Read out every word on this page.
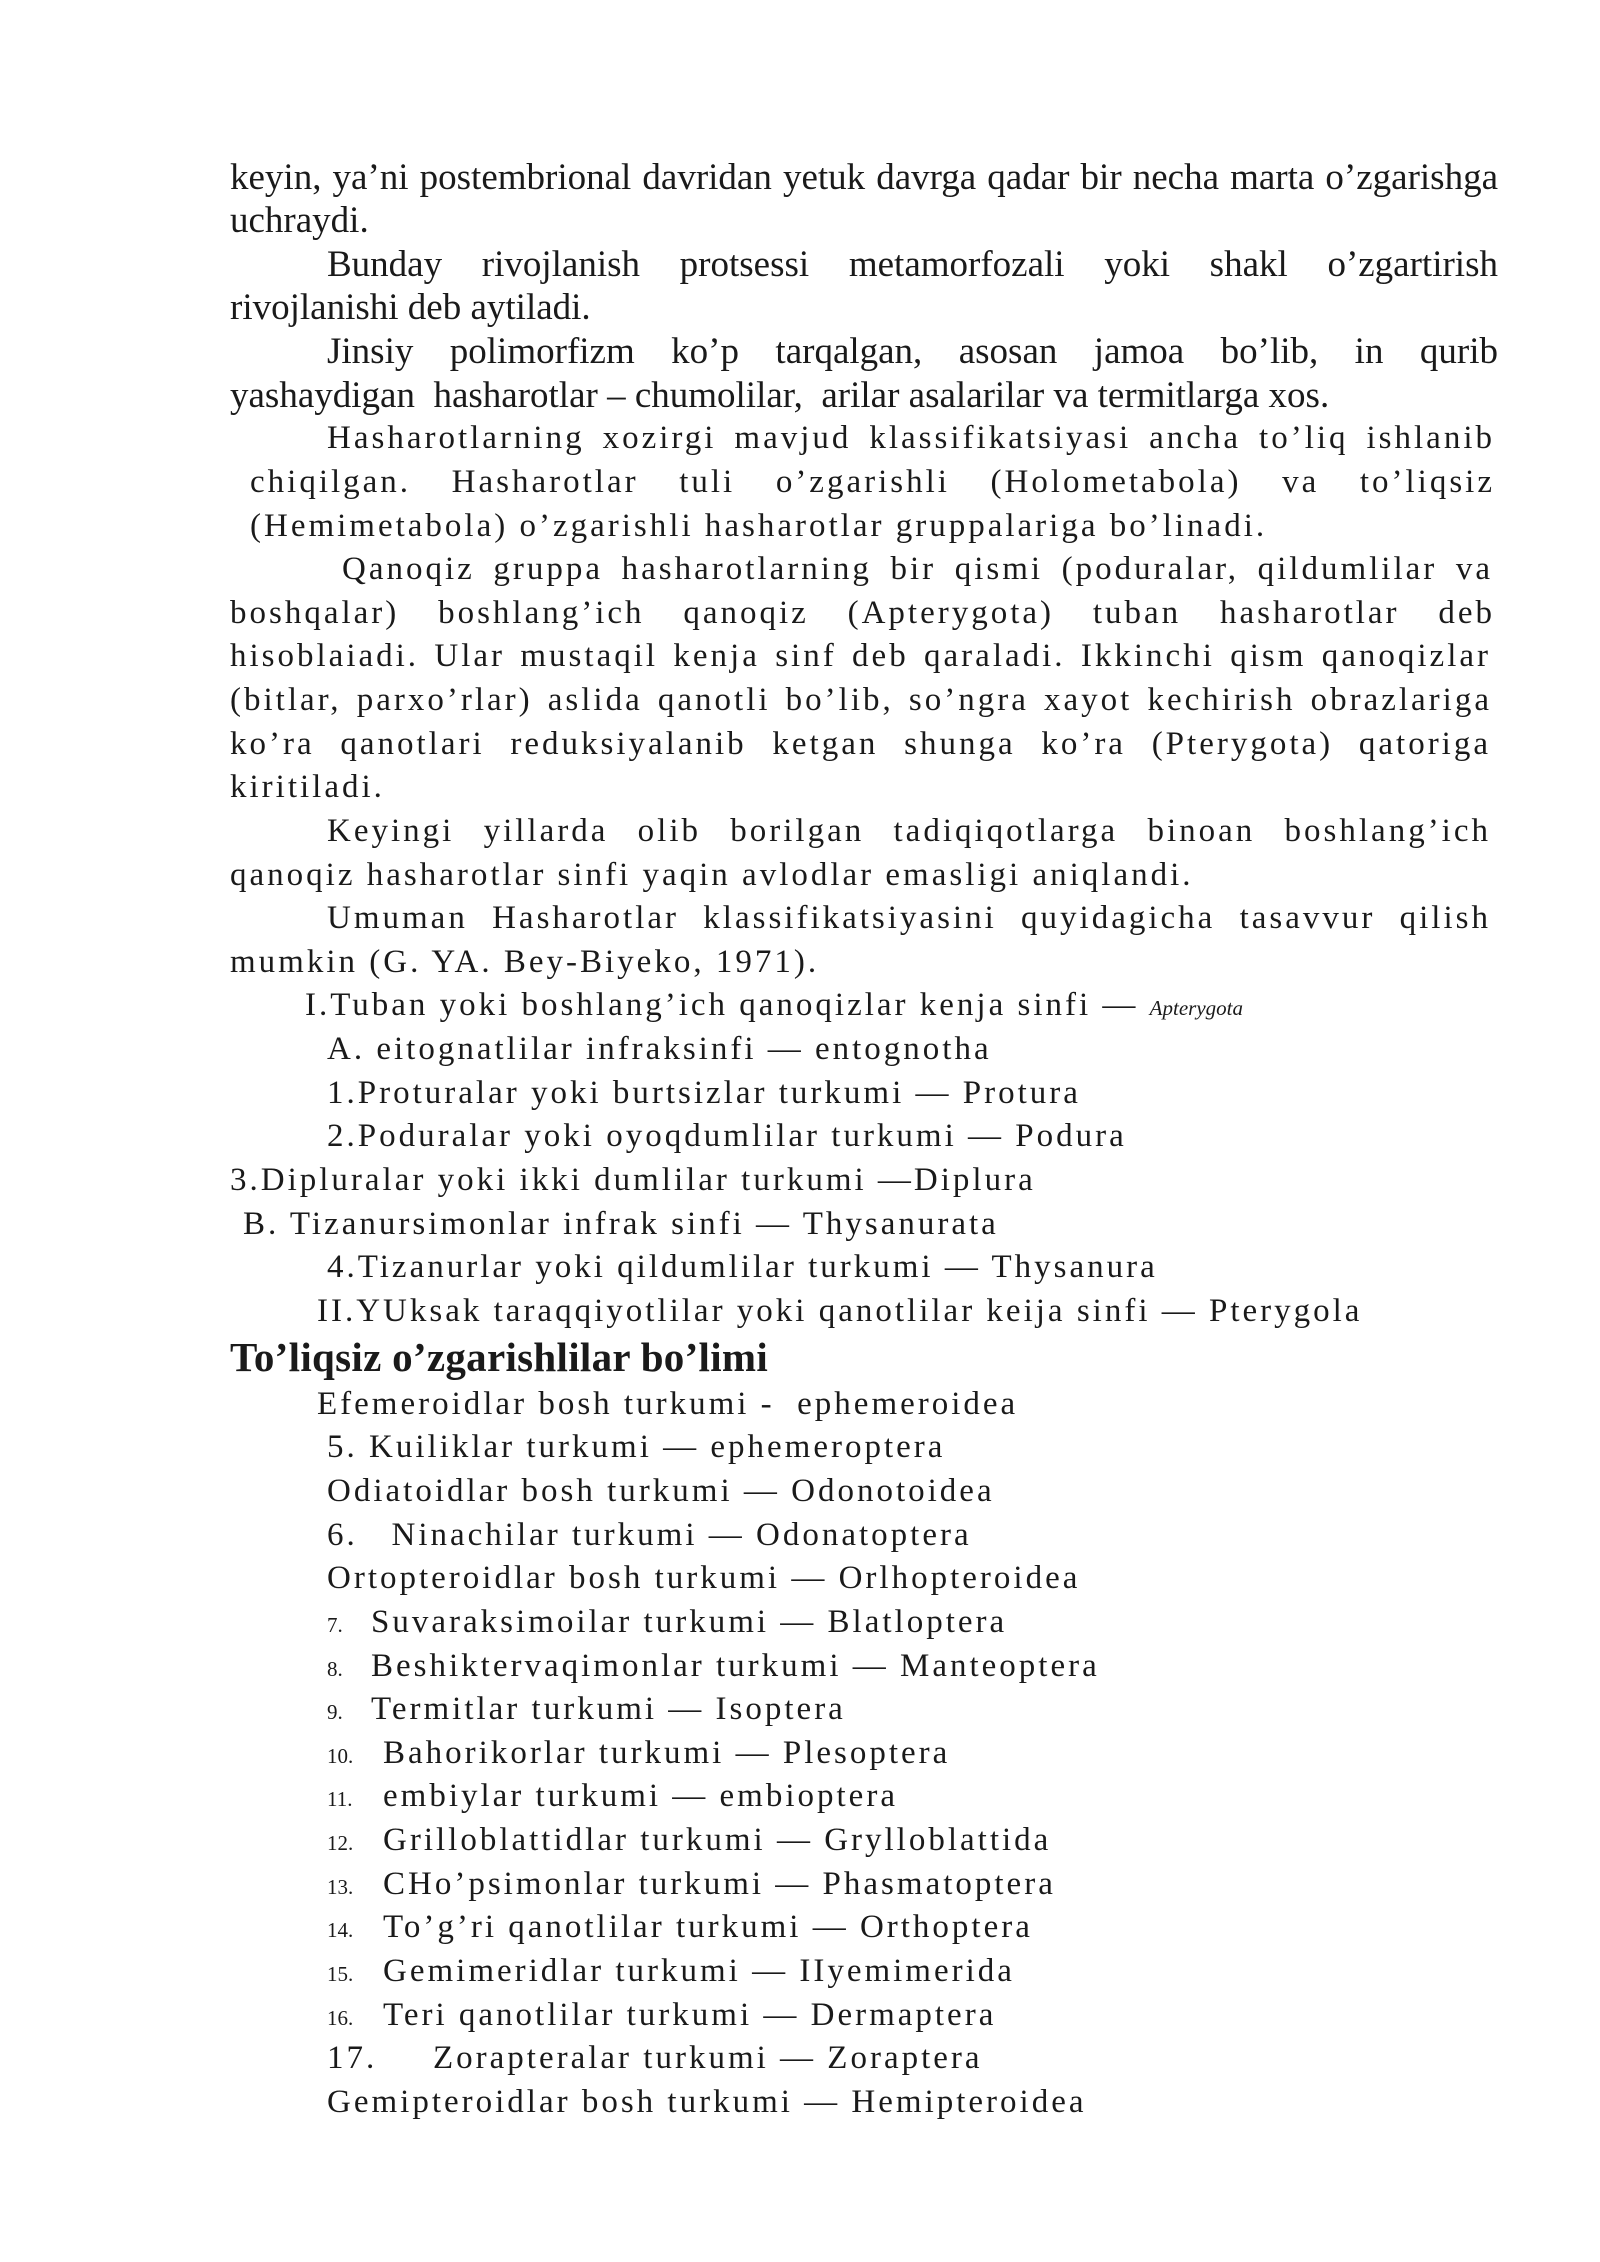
keyin, ya’ni postembrional davridan yetuk davrga qadar bir necha marta o’zgarishga
uchraydi.
Bunday rivojlanish protsessi metamorfozali yoki shakl o’zgartirish
rivojlanishi deb aytiladi.
Jinsiy polimorfizm ko’p tarqalgan, asosan jamoa bo’lib, in qurib
yashaydigan  hasharotlar – chumolilar,  arilar asalarilar va termitlarga xos.
Hasharotlarning xozirgi mavjud klassifikatsiyasi ancha to’liq ishlanib
chiqilgan. Hasharotlar tuli o’zgarishli (Holometabola) va to’liqsiz
(Hemimetabola) o’zgarishli hasharotlar gruppalariga bo’linadi.
Qanoqiz gruppa hasharotlarning bir qismi (poduralar, qildumlilar va
boshqalar) boshlang’ich qanoqiz (Apterygota) tuban hasharotlar deb
hisoblaiadi. Ular mustaqil kenja sinf deb qaraladi. Ikkinchi qism qanoqizlar
(bitlar, parxo’rlar) aslida qanotli bo’lib, so’ngra xayot kechirish obrazlariga
ko’ra qanotlari reduksiyalanib ketgan shunga ko’ra (Pterygota) qatoriga
kiritiladi.
Keyingi yillarda olib borilgan tadiqiqotlarga binoan boshlang’ich
qanoqiz hasharotlar sinfi yaqin avlodlar emasligi aniqlandi.
Umuman Hasharotlar klassifikatsiyasini quyidagicha tasavvur qilish
mumkin (G. YA. Bey-Biyeko, 1971).
I.Tuban yoki boshlang’ich qanoqizlar kenja sinfi — Apterygota
A. eitognatlilar infraksinfi — entognotha
1.Proturalar yoki burtsizlar turkumi — Protura
2.Poduralar yoki oyoqdumlilar turkumi — Podura
3.Dipluralar yoki ikki dumlilar turkumi —Diplura
B. Tizanursimonlar infrak sinfi — Thysanurata
4.Tizanurlar yoki qildumlilar turkumi — Thysanura
II.YUksak taraqqiyotlilar yoki qanotlilar keija sinfi — Pterygola
To’liqsiz o’zgarishlilar bo’limi
Efemeroidlar bosh turkumi -  ephemeroidea
5. Kuiliklar turkumi — ephemeroptera
Odiatoidlar bosh turkumi — Odonotoidea
6.   Ninachilar turkumi — Odonatoptera
Ortopteroidlar bosh turkumi — Orlhopteroidea
7. Suvaraksimoilar turkumi — Blatloptera
8. Beshiktervaqimonlar turkumi — Manteoptera
9. Termitlar turkumi — Isoptera
10. Bahorikorlar turkumi — Plesoptera
11. embiylar turkumi — embioptera
12. Grilloblattidlar turkumi — Grylloblattida
13. CHo’psimonlar turkumi — Phasmatoptera
14. To’g’ri qanotlilar turkumi — Orthoptera
15. Gemimeridlar turkumi — IIyemimerida
16. Teri qanotlilar turkumi — Dermaptera
17. Zorapteralar turkumi — Zoraptera
Gemipteroidlar bosh turkumi — Hemipteroidea
